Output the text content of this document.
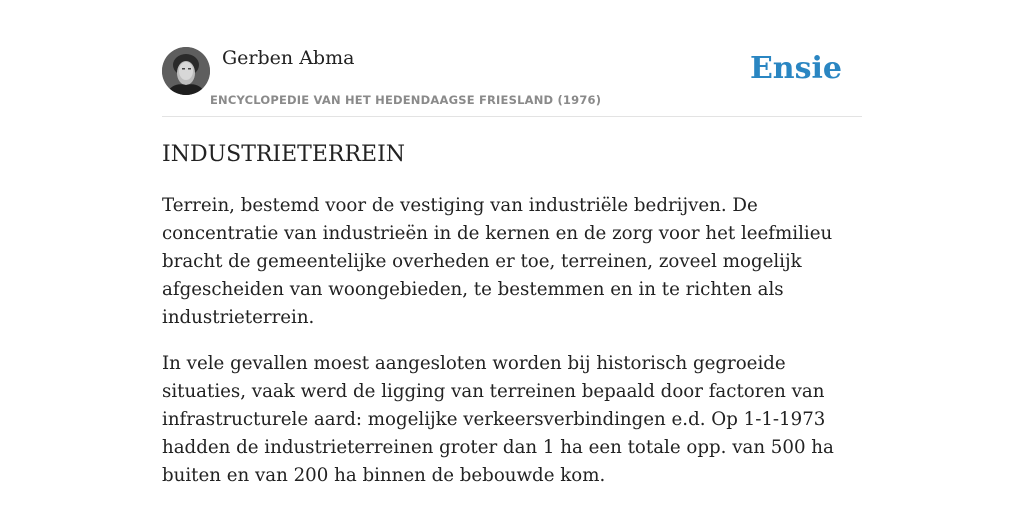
Gerben Abma
ENCYCLOPEDIE VAN HET HEDENDAAGSE FRIESLAND (1976)
Ensie
INDUSTRIETERREIN

Terrein, bestemd voor de vestiging van industriële bedrijven. De concentratie van industrieën in de kernen en de zorg voor het leefmilieu bracht de gemeentelijke overheden er toe, terreinen, zoveel mogelijk afgescheiden van woongebieden, te bestemmen en in te richten als industrieterrein.

In vele gevallen moest aangesloten worden bij historisch gegroeide situaties, vaak werd de ligging van terreinen bepaald door factoren van infrastructurele aard: mogelijke verkeersverbindingen e.d. Op 1-1-1973 hadden de industrieterreinen groter dan 1 ha een totale opp. van 500 ha buiten en van 200 ha binnen de bebouwde kom.
